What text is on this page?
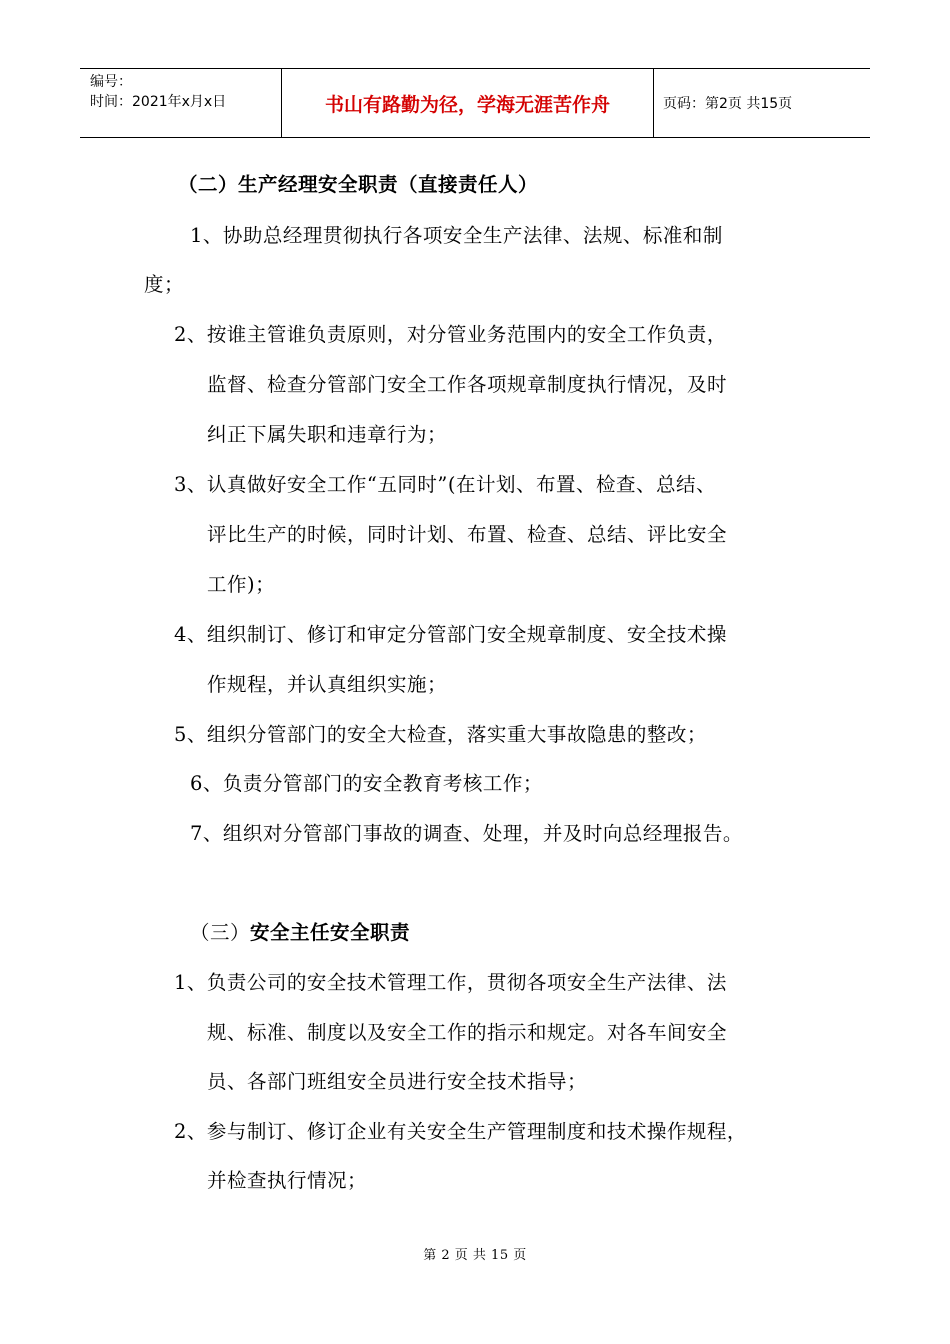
编号：
时间：2021年x月x日	书山有路勤为径，学海无涯苦作舟	页码：第2页 共15页
（二）生产经理安全职责（直接责任人）
1、协助总经理贯彻执行各项安全生产法律、法规、标准和制
度；
2、按谁主管谁负责原则，对分管业务范围内的安全工作负责，
监督、检查分管部门安全工作各项规章制度执行情况，及时
纠正下属失职和违章行为；
3、认真做好安全工作“五同时”(在计划、布置、检查、总结、
评比生产的时候，同时计划、布置、检查、总结、评比安全
工作)；
4、组织制订、修订和审定分管部门安全规章制度、安全技术操
作规程，并认真组织实施；
5、组织分管部门的安全大检查，落实重大事故隐患的整改；
6、负责分管部门的安全教育考核工作；
7、组织对分管部门事故的调查、处理，并及时向总经理报告。
（三）安全主任安全职责
1、负责公司的安全技术管理工作，贯彻各项安全生产法律、法
规、标准、制度以及安全工作的指示和规定。对各车间安全
员、各部门班组安全员进行安全技术指导；
2、参与制订、修订企业有关安全生产管理制度和技术操作规程，
并检查执行情况；
第 2 页 共 15 页
